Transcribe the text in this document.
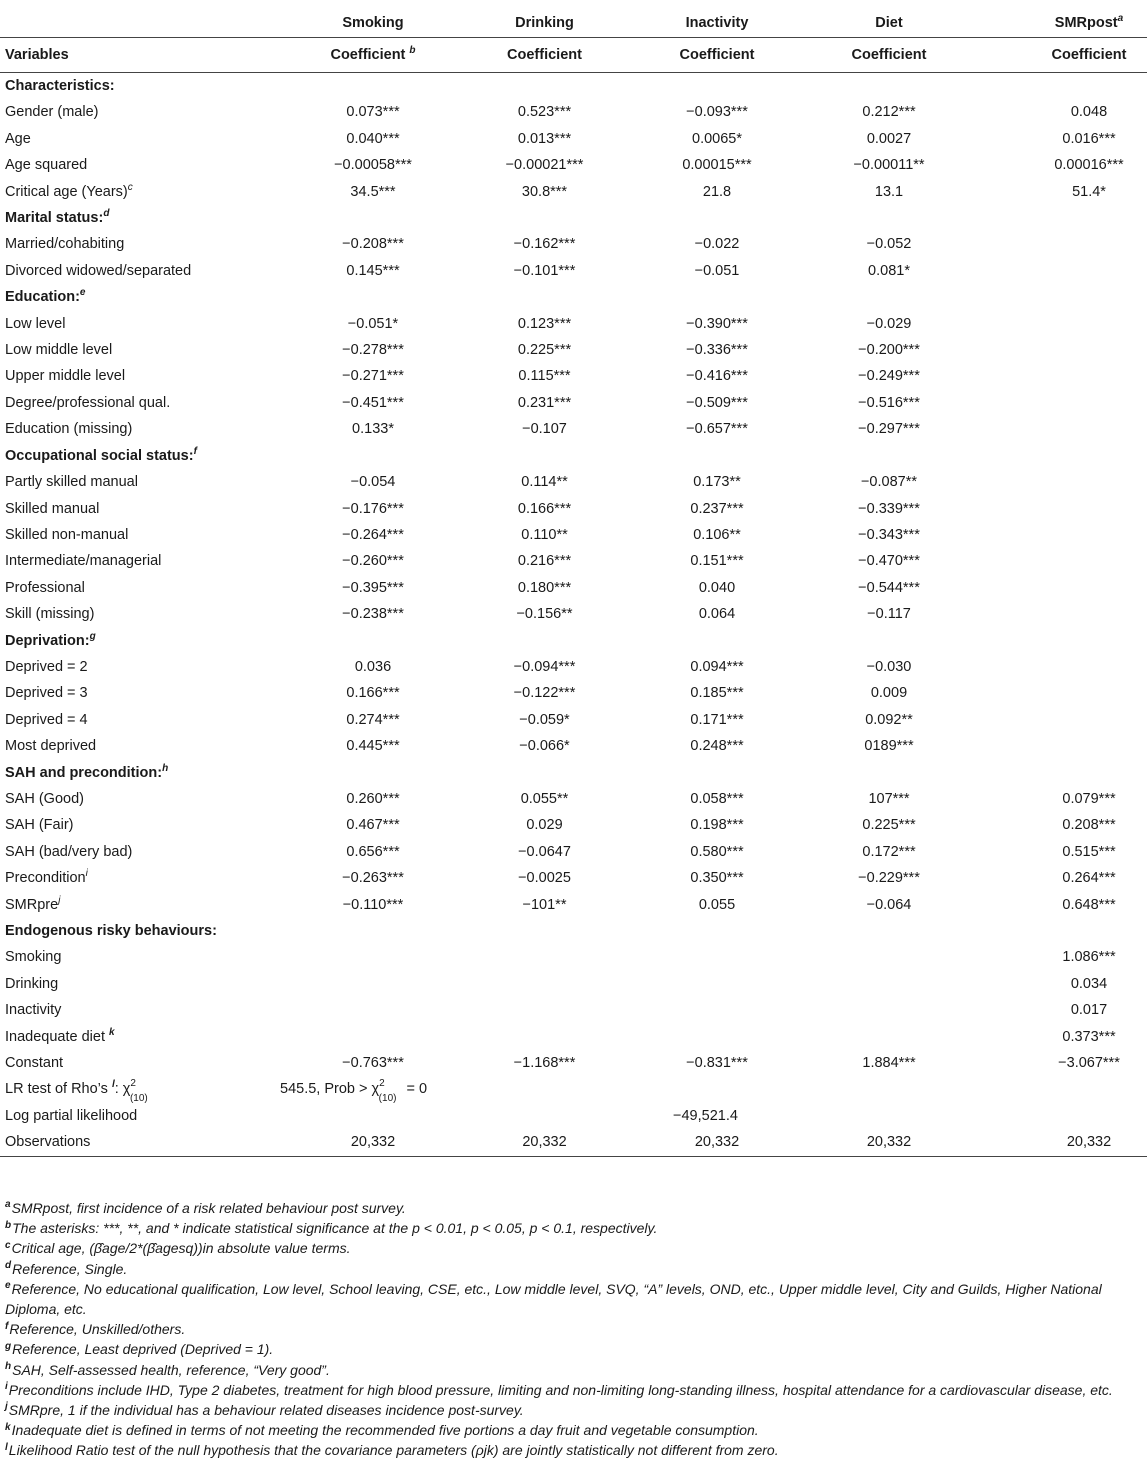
	Smoking	Drinking	Inactivity	Diet	SMRpost$^a$
Variables	Coefficient $^b$	Coefficient	Coefficient	Coefficient	Coefficient
Characteristics:					
Gender (male)	0.073***	0.523***	−0.093***	0.212***	0.048
Age	0.040***	0.013***	0.0065*	0.0027	0.016***
Age squared	−0.00058***	−0.00021***	0.00015***	−0.00011**	0.00016***
Critical age (Years)$^c$	34.5***	30.8***	21.8	13.1	51.4*
Marital status:$^d$
Married/cohabiting	−0.208***	−0.162***	−0.022	−0.052	
Divorced widowed/separated	0.145***	−0.101***	−0.051	0.081*	
Education:$^e$
Low level	−0.051*	0.123***	−0.390***	−0.029	
Low middle level	−0.278***	0.225***	−0.336***	−0.200***	
Upper middle level	−0.271***	0.115***	−0.416***	−0.249***	
Degree/professional qual.	−0.451***	0.231***	−0.509***	−0.516***	
Education (missing)	0.133*	−0.107	−0.657***	−0.297***	
Occupational social status:$^f$
Partly skilled manual	−0.054	0.114**	0.173**	−0.087**	
Skilled manual	−0.176***	0.166***	0.237***	−0.339***	
Skilled non-manual	−0.264***	0.110**	0.106**	−0.343***	
Intermediate/managerial	−0.260***	0.216***	0.151***	−0.470***	
Professional	−0.395***	0.180***	0.040	−0.544***	
Skill (missing)	−0.238***	−0.156**	0.064	−0.117	
Deprivation:$^g$
Deprived = 2	0.036	−0.094***	0.094***	−0.030	
Deprived = 3	0.166***	−0.122***	0.185***	0.009	
Deprived = 4	0.274***	−0.059*	0.171***	0.092**	
Most deprived	0.445***	−0.066*	0.248***	0189***	
SAH and precondition:$^h$
SAH (Good)	0.260***	0.055**	0.058***	107***	0.079***
SAH (Fair)	0.467***	0.029	0.198***	0.225***	0.208***
SAH (bad/very bad)	0.656***	−0.0647	0.580***	0.172***	0.515***
Precondition$^i$	−0.263***	−0.0025	0.350***	−0.229***	0.264***
SMRpre$^j$	−0.110***	−101**	0.055	−0.064	0.648***
Endogenous risky behaviours:					
Smoking					1.086***
Drinking					0.034
Inactivity					0.017
Inadequate diet $^k$					0.373***
Constant	−0.763***	−1.168***	−0.831***	1.884***	−3.067***
LR test of Rho’s $^l$: $\chi^2_{(10)}$	545.5, Prob > $\chi^2_{(10)} = 0$				
Log partial likelihood			−49,521.4		
Observations	20,332	20,332	20,332	20,332	20,332

$^a$SMRpost, first incidence of a risk related behaviour post survey.

$^b$The asterisks: ***, **, and * indicate statistical significance at the p < 0.01, p < 0.05, p < 0.1, respectively.

$^c$Critical age, (β̂age/2*(β̂agesq))in absolute value terms.

$^d$Reference, Single.

$^e$Reference, No educational qualification, Low level, School leaving, CSE, etc., Low middle level, SVQ, “A” levels, OND, etc., Upper middle level, City and Guilds, Higher National Diploma, etc.

$^f$Reference, Unskilled/others.

$^g$Reference, Least deprived (Deprived = 1).

$^h$SAH, Self-assessed health, reference, “Very good”.

$^i$Preconditions include IHD, Type 2 diabetes, treatment for high blood pressure, limiting and non-limiting long-standing illness, hospital attendance for a cardiovascular disease, etc.

$^j$SMRpre, 1 if the individual has a behaviour related diseases incidence post-survey.

$^k$Inadequate diet is defined in terms of not meeting the recommended five portions a day fruit and vegetable consumption.

$^l$Likelihood Ratio test of the null hypothesis that the covariance parameters (ρjk) are jointly statistically not different from zero.
